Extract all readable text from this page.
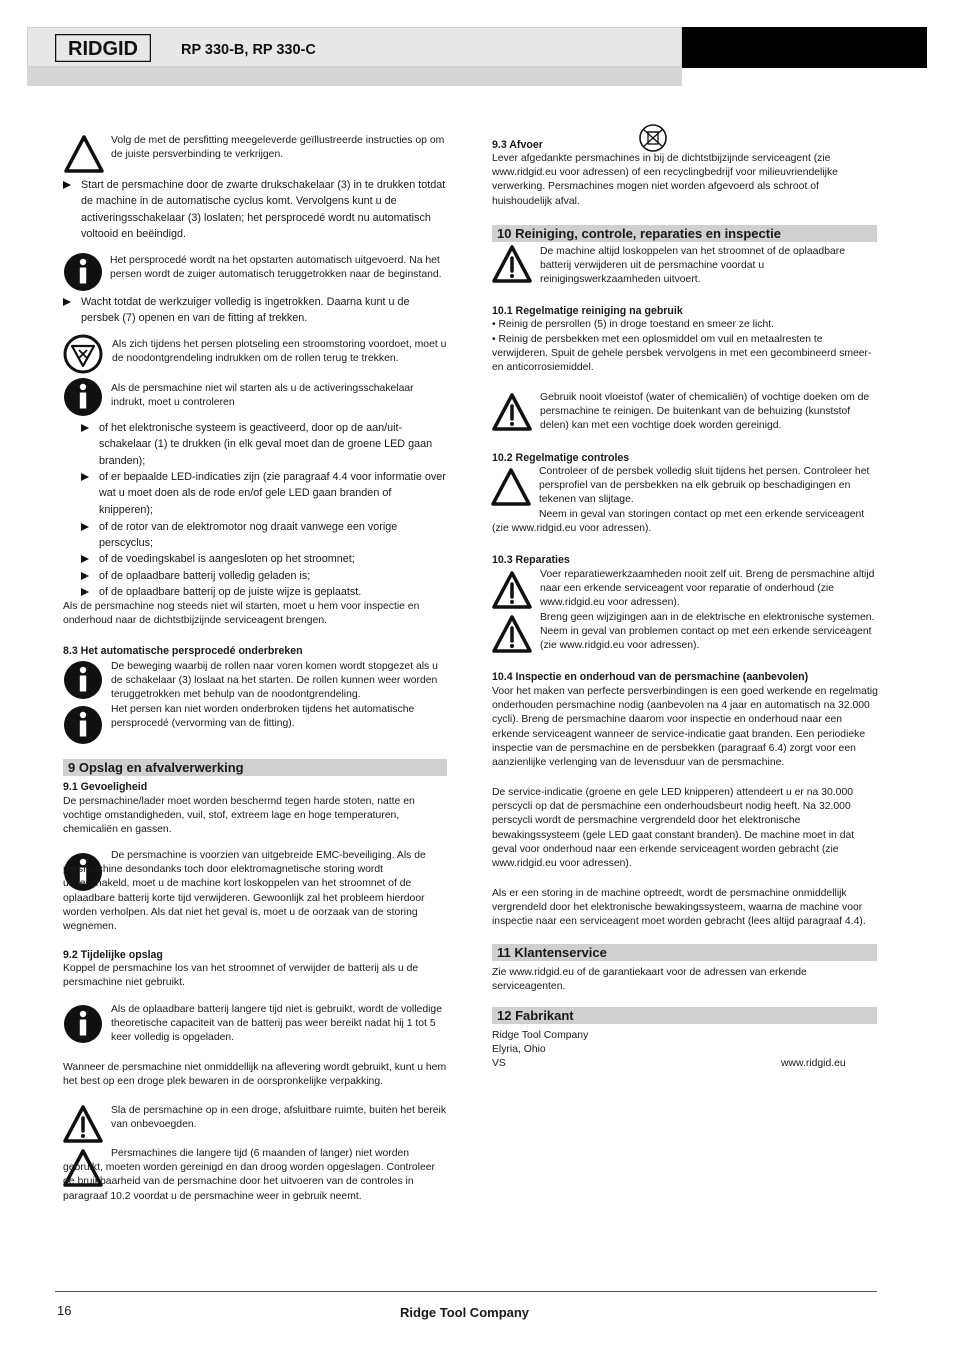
RIDGID	RP 330-B, RP 330-C
Volg de met de persfitting meegeleverde geïllustreerde instructies op om de juiste persverbinding te verkrijgen.
Start de persmachine door de zwarte drukschakelaar (3) in te drukken totdat de machine in de automatische cyclus komt. Vervolgens kunt u de activeringsschakelaar (3) loslaten; het persprocedé wordt nu automatisch voltooid en beëindigd.
Het persprocedé wordt na het opstarten automatisch uitgevoerd. Na het persen wordt de zuiger automatisch teruggetrokken naar de beginstand.
Wacht totdat de werkzuiger volledig is ingetrokken. Daarna kunt u de persbek (7) openen en van de fitting af trekken.
Als zich tijdens het persen plotseling een stroomstoring voordoet, moet u de noodontgrendeling indrukken om de rollen terug te trekken.
Als de persmachine niet wil starten als u de activeringsschakelaar indrukt, moet u controleren
of het elektronische systeem is geactiveerd, door op de aan/uit-schakelaar (1) te drukken (in elk geval moet dan de groene LED gaan branden);
of er bepaalde LED-indicaties zijn (zie paragraaf 4.4 voor informatie over wat u moet doen als de rode en/of gele LED gaan branden of knipperen);
of de rotor van de elektromotor nog draait vanwege een vorige perscyclus;
of de voedingskabel is aangesloten op het stroomnet;
of de oplaadbare batterij volledig geladen is;
of de oplaadbare batterij op de juiste wijze is geplaatst.
Als de persmachine nog steeds niet wil starten, moet u hem voor inspectie en onderhoud naar de dichtstbijzijnde serviceagent brengen.
8.3 Het automatische persprocedé onderbreken
De beweging waarbij de rollen naar voren komen wordt stopgezet als u de schakelaar (3) loslaat na het starten. De rollen kunnen weer worden teruggetrokken met behulp van de noodontgrendeling.
Het persen kan niet worden onderbroken tijdens het automatische persprocedé (vervorming van de fitting).
9 Opslag en afvalverwerking
9.1 Gevoeligheid
De persmachine/lader moet worden beschermd tegen harde stoten, natte en vochtige omstandigheden, vuil, stof, extreem lage en hoge temperaturen, chemicaliën en gassen.
De persmachine is voorzien van uitgebreide EMC-beveiliging. Als de persmachine desondanks toch door elektromagnetische storing wordt uitgeschakeld, moet u de machine kort loskoppelen van het stroomnet of de oplaadbare batterij korte tijd verwijderen. Gewoonlijk zal het probleem hierdoor worden verholpen. Als dat niet het geval is, moet u de oorzaak van de storing wegnemen.
9.2 Tijdelijke opslag
Koppel de persmachine los van het stroomnet of verwijder de batterij als u de persmachine niet gebruikt.
Als de oplaadbare batterij langere tijd niet is gebruikt, wordt de volledige theoretische capaciteit van de batterij pas weer bereikt nadat hij 1 tot 5 keer volledig is opgeladen.
Wanneer de persmachine niet onmiddellijk na aflevering wordt gebruikt, kunt u hem het best op een droge plek bewaren in de oorspronkelijke verpakking.
Sla de persmachine op in een droge, afsluitbare ruimte, buiten het bereik van onbevoegden.
Persmachines die langere tijd (6 maanden of langer) niet worden gebruikt, moeten worden gereinigd en dan droog worden opgeslagen. Controleer de bruikbaarheid van de persmachine door het uitvoeren van de controles in paragraaf 10.2 voordat u de persmachine weer in gebruik neemt.
9.3 Afvoer
Lever afgedankte persmachines in bij de dichtstbijzijnde serviceagent (zie www.ridgid.eu voor adressen) of een recyclingbedrijf voor milieuvriendelijke verwerking. Persmachines mogen niet worden afgevoerd als schroot of huishoudelijk afval.
10 Reiniging, controle, reparaties en inspectie
De machine altijd loskoppelen van het stroomnet of de oplaadbare batterij verwijderen uit de persmachine voordat u reinigingswerkzaamheden uitvoert.
10.1 Regelmatige reiniging na gebruik
• Reinig de persrollen (5) in droge toestand en smeer ze licht.
• Reinig de persbekken met een oplosmiddel om vuil en metaalresten te verwijderen. Spuit de gehele persbek vervolgens in met een gecombineerd smeer- en anticorrosiemiddel.
Gebruik nooit vloeistof (water of chemicaliën) of vochtige doeken om de persmachine te reinigen. De buitenkant van de behuizing (kunststof delen) kan met een vochtige doek worden gereinigd.
10.2 Regelmatige controles
Controleer of de persbek volledig sluit tijdens het persen. Controleer het persprofiel van de persbekken na elk gebruik op beschadigingen en tekenen van slijtage.
Neem in geval van storingen contact op met een erkende serviceagent (zie www.ridgid.eu voor adressen).
10.3 Reparaties
Voer reparatiewerkzaamheden nooit zelf uit. Breng de persmachine altijd naar een erkende serviceagent voor reparatie of onderhoud (zie www.ridgid.eu voor adressen).
Breng geen wijzigingen aan in de elektrische en elektronische systemen. Neem in geval van problemen contact op met een erkende serviceagent (zie www.ridgid.eu voor adressen).
10.4 Inspectie en onderhoud van de persmachine (aanbevolen)
Voor het maken van perfecte persverbindingen is een goed werkende en regelmatig onderhouden persmachine nodig (aanbevolen na 4 jaar en automatisch na 32.000 cycli). Breng de persmachine daarom voor inspectie en onderhoud naar een erkende serviceagent wanneer de service-indicatie gaat branden. Een periodieke inspectie van de persmachine en de persbekken (paragraaf 6.4) zorgt voor een aanzienlijke verlenging van de levensduur van de persmachine.
De service-indicatie (groene en gele LED knipperen) attendeert u er na 30.000 perscycli op dat de persmachine een onderhoudsbeurt nodig heeft. Na 32.000 perscycli wordt de persmachine vergrendeld door het elektronische bewakingssysteem (gele LED gaat constant branden). De machine moet in dat geval voor onderhoud naar een erkende serviceagent worden gebracht (zie www.ridgid.eu voor adressen).
Als er een storing in de machine optreedt, wordt de persmachine onmiddellijk vergrendeld door het elektronische bewakingssysteem, waarna de machine voor inspectie naar een serviceagent moet worden gebracht (lees altijd paragraaf 4.4).
11 Klantenservice
Zie www.ridgid.eu of de garantiekaart voor de adressen van erkende serviceagenten.
12 Fabrikant
Ridge Tool Company
Elyria, Ohio
VS	www.ridgid.eu
16	Ridge Tool Company
